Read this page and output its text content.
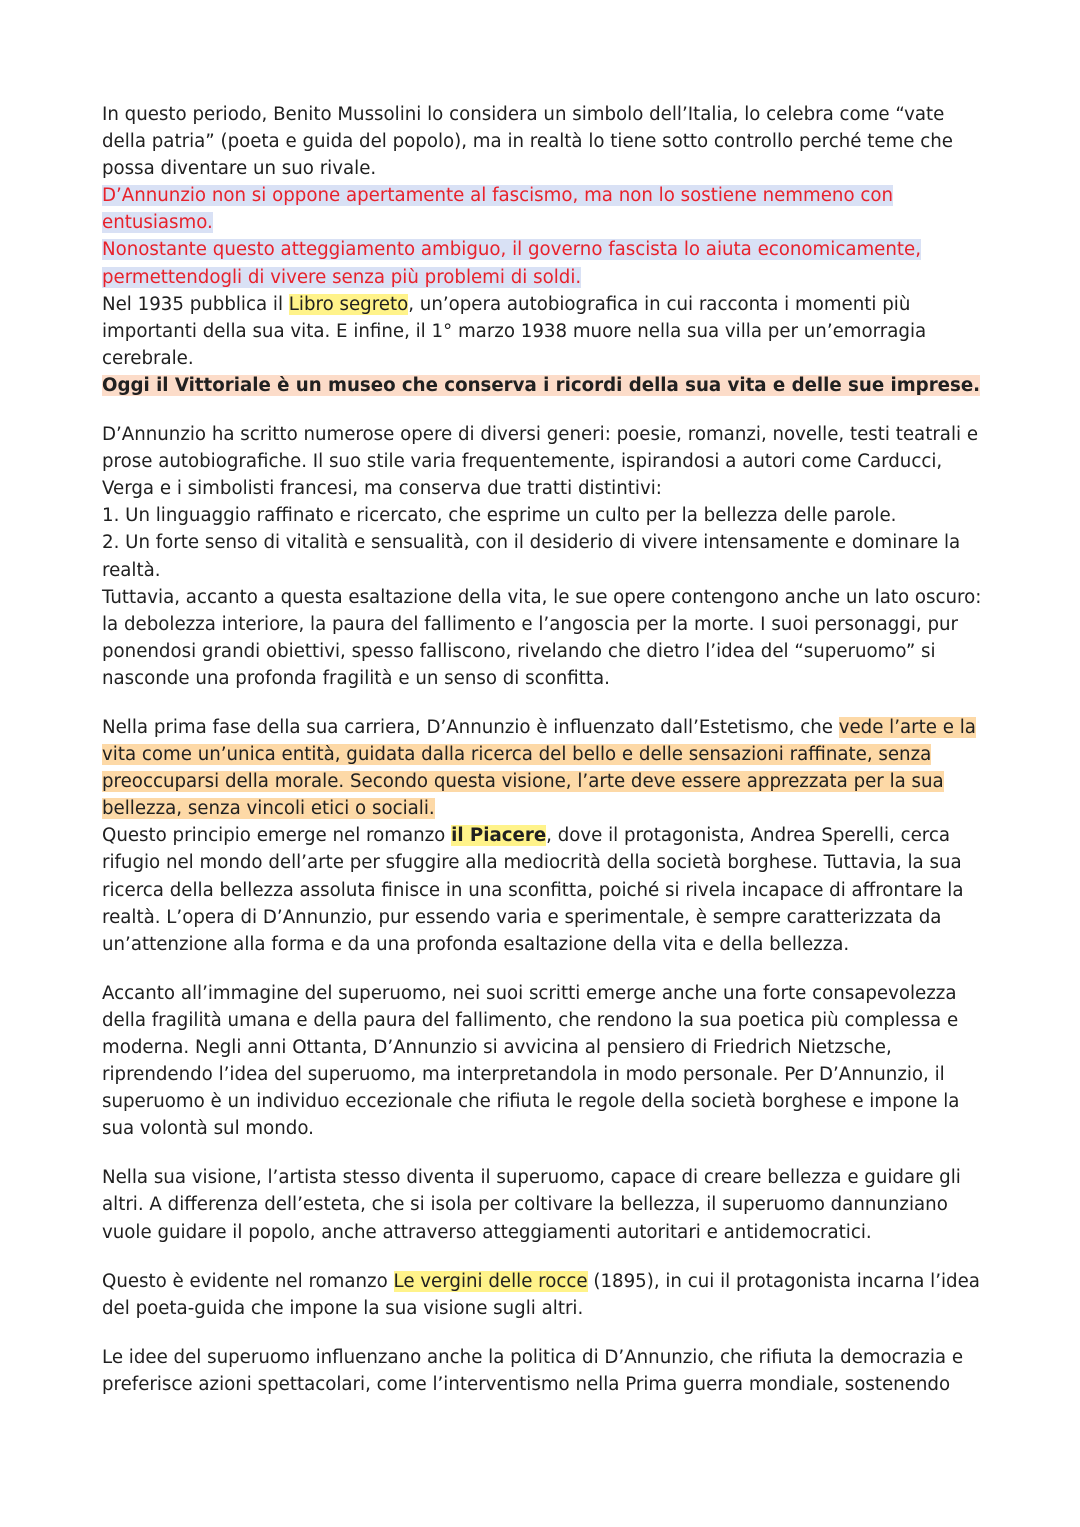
In questo periodo, Benito Mussolini lo considera un simbolo dell’Italia, lo celebra come “vate della patria” (poeta e guida del popolo), ma in realtà lo tiene sotto controllo perché teme che possa diventare un suo rivale.

D’Annunzio non si oppone apertamente al fascismo, ma non lo sostiene nemmeno con entusiasmo.

Nonostante questo atteggiamento ambiguo, il governo fascista lo aiuta economicamente, permettendogli di vivere senza più problemi di soldi.

Nel 1935 pubblica il Libro segreto, un’opera autobiografica in cui racconta i momenti più importanti della sua vita. E infine, il 1° marzo 1938 muore nella sua villa per un’emorragia cerebrale.

Oggi il Vittoriale è un museo che conserva i ricordi della sua vita e delle sue imprese.

D’Annunzio ha scritto numerose opere di diversi generi: poesie, romanzi, novelle, testi teatrali e prose autobiografiche. Il suo stile varia frequentemente, ispirandosi a autori come Carducci, Verga e i simbolisti francesi, ma conserva due tratti distintivi:

1. Un linguaggio raffinato e ricercato, che esprime un culto per la bellezza delle parole.

2. Un forte senso di vitalità e sensualità, con il desiderio di vivere intensamente e dominare la realtà.

Tuttavia, accanto a questa esaltazione della vita, le sue opere contengono anche un lato oscuro: la debolezza interiore, la paura del fallimento e l’angoscia per la morte. I suoi personaggi, pur ponendosi grandi obiettivi, spesso falliscono, rivelando che dietro l’idea del “superuomo” si nasconde una profonda fragilità e un senso di sconfitta.

Nella prima fase della sua carriera, D’Annunzio è influenzato dall’Estetismo, che vede l’arte e la vita come un’unica entità, guidata dalla ricerca del bello e delle sensazioni raffinate, senza preoccuparsi della morale. Secondo questa visione, l’arte deve essere apprezzata per la sua bellezza, senza vincoli etici o sociali.

Questo principio emerge nel romanzo il Piacere, dove il protagonista, Andrea Sperelli, cerca rifugio nel mondo dell’arte per sfuggire alla mediocrità della società borghese. Tuttavia, la sua ricerca della bellezza assoluta finisce in una sconfitta, poiché si rivela incapace di affrontare la realtà. L’opera di D’Annunzio, pur essendo varia e sperimentale, è sempre caratterizzata da un’attenzione alla forma e da una profonda esaltazione della vita e della bellezza.

Accanto all’immagine del superuomo, nei suoi scritti emerge anche una forte consapevolezza della fragilità umana e della paura del fallimento, che rendono la sua poetica più complessa e moderna. Negli anni Ottanta, D’Annunzio si avvicina al pensiero di Friedrich Nietzsche, riprendendo l’idea del superuomo, ma interpretandola in modo personale. Per D’Annunzio, il superuomo è un individuo eccezionale che rifiuta le regole della società borghese e impone la sua volontà sul mondo.

Nella sua visione, l’artista stesso diventa il superuomo, capace di creare bellezza e guidare gli altri. A differenza dell’esteta, che si isola per coltivare la bellezza, il superuomo dannunziano vuole guidare il popolo, anche attraverso atteggiamenti autoritari e antidemocratici.

Questo è evidente nel romanzo Le vergini delle rocce (1895), in cui il protagonista incarna l’idea del poeta-guida che impone la sua visione sugli altri.

Le idee del superuomo influenzano anche la politica di D’Annunzio, che rifiuta la democrazia e preferisce azioni spettacolari, come l’interventismo nella Prima guerra mondiale, sostenendo
